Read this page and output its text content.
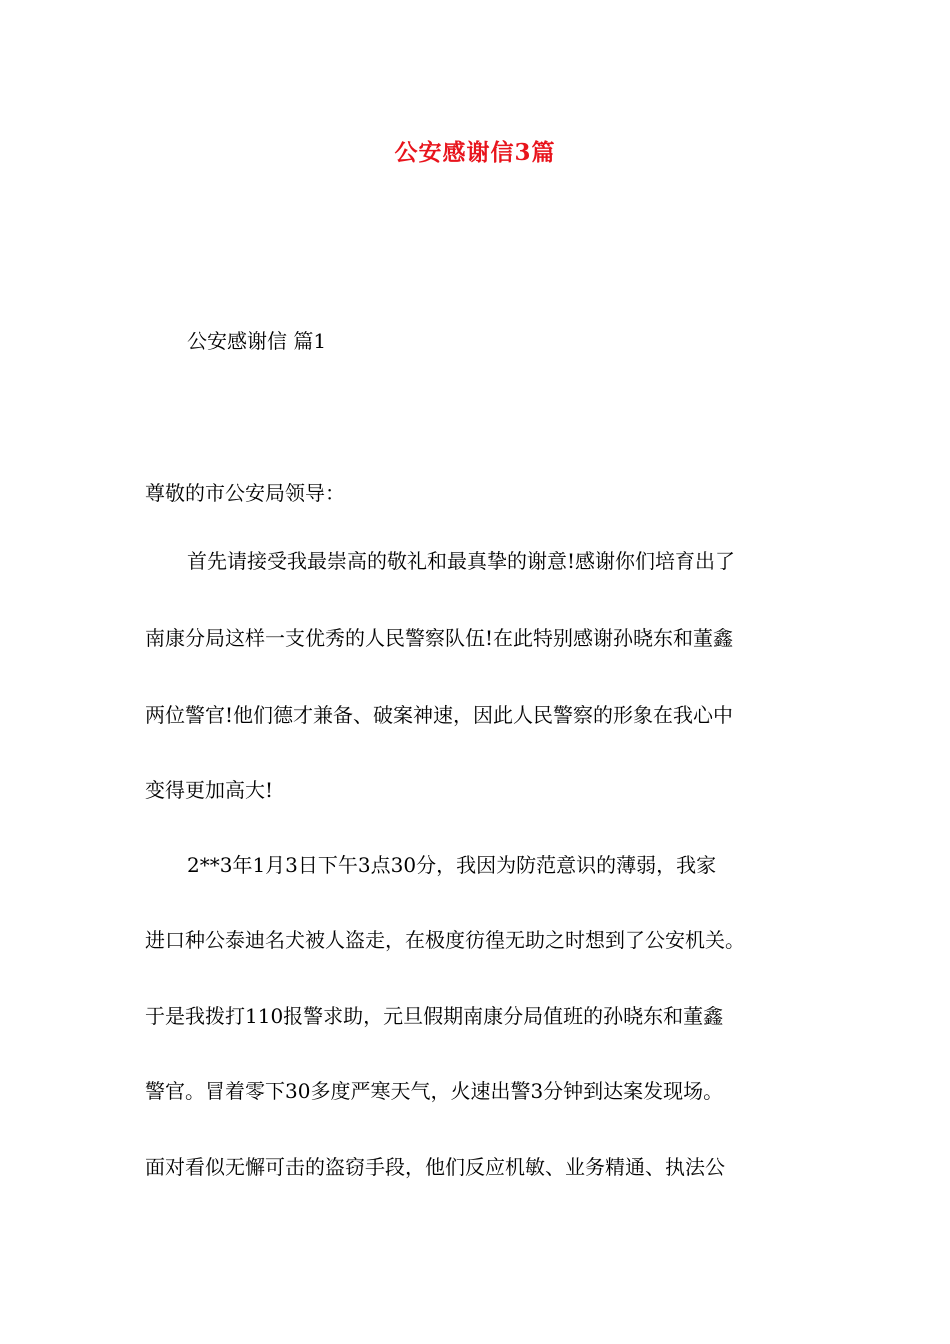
公安感谢信3篇
公安感谢信 篇1
尊敬的市公安局领导：
首先请接受我最崇高的敬礼和最真挚的谢意!感谢你们培育出了
南康分局这样一支优秀的人民警察队伍!在此特别感谢孙晓东和董鑫
两位警官!他们德才兼备、破案神速，因此人民警察的形象在我心中
变得更加高大!
2**3年1月3日下午3点30分，我因为防范意识的薄弱，我家
进口种公泰迪名犬被人盗走，在极度彷徨无助之时想到了公安机关。
于是我拨打110报警求助，元旦假期南康分局值班的孙晓东和董鑫
警官。冒着零下30多度严寒天气，火速出警3分钟到达案发现场。
面对看似无懈可击的盗窃手段，他们反应机敏、业务精通、执法公
